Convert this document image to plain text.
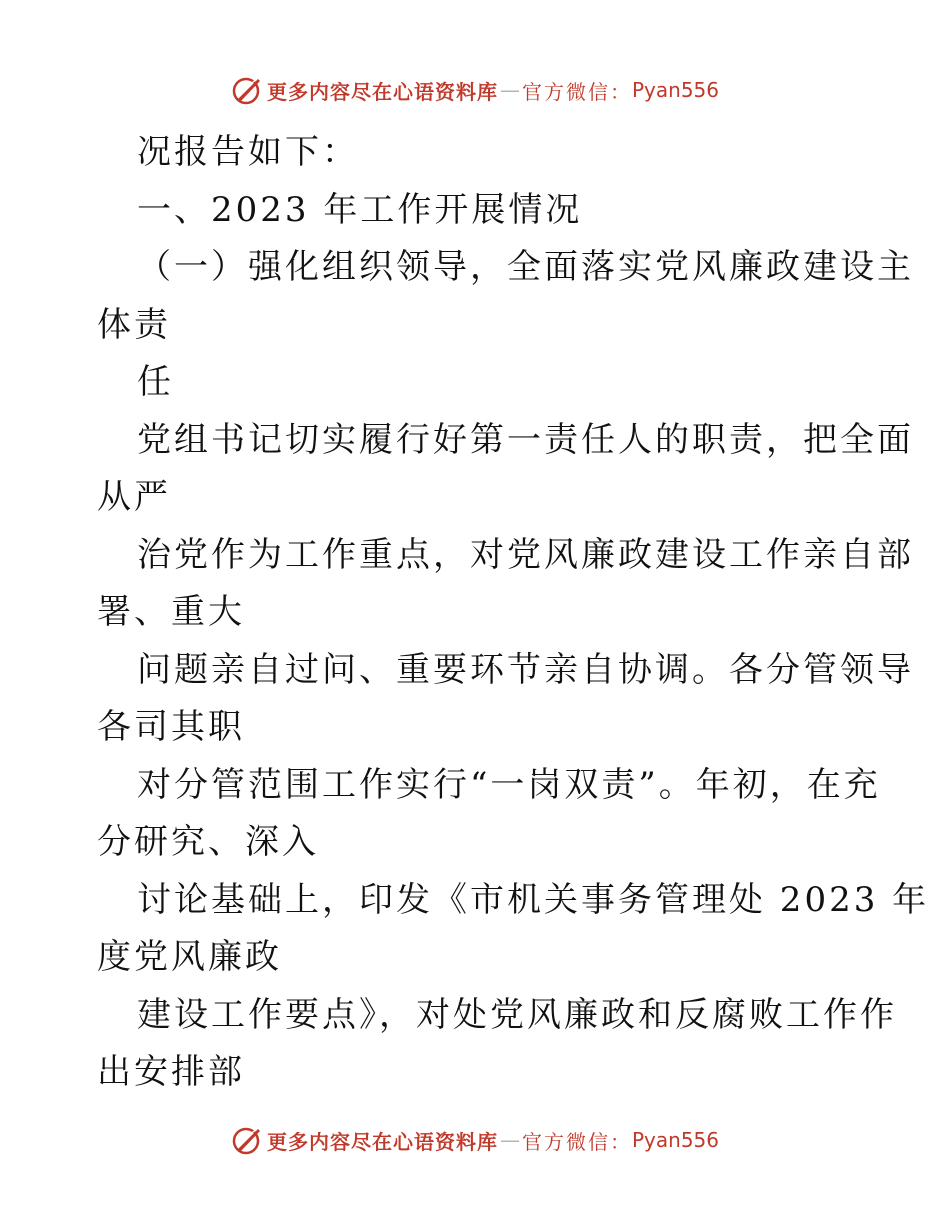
更多内容尽在心语资料库 — 官方微信： Pyan556
况报告如下：
一、2023 年工作开展情况
（一）强化组织领导，全面落实党风廉政建设主
体责
任
党组书记切实履行好第一责任人的职责，把全面
从严
治党作为工作重点，对党风廉政建设工作亲自部
署、重大
问题亲自过问、重要环节亲自协调。各分管领导
各司其职
对分管范围工作实行“一岗双责”。年初，在充
分研究、深入
讨论基础上，印发《市机关事务管理处 2023 年
度党风廉政
建设工作要点》，对处党风廉政和反腐败工作作
出安排部
更多内容尽在心语资料库 — 官方微信： Pyan556
